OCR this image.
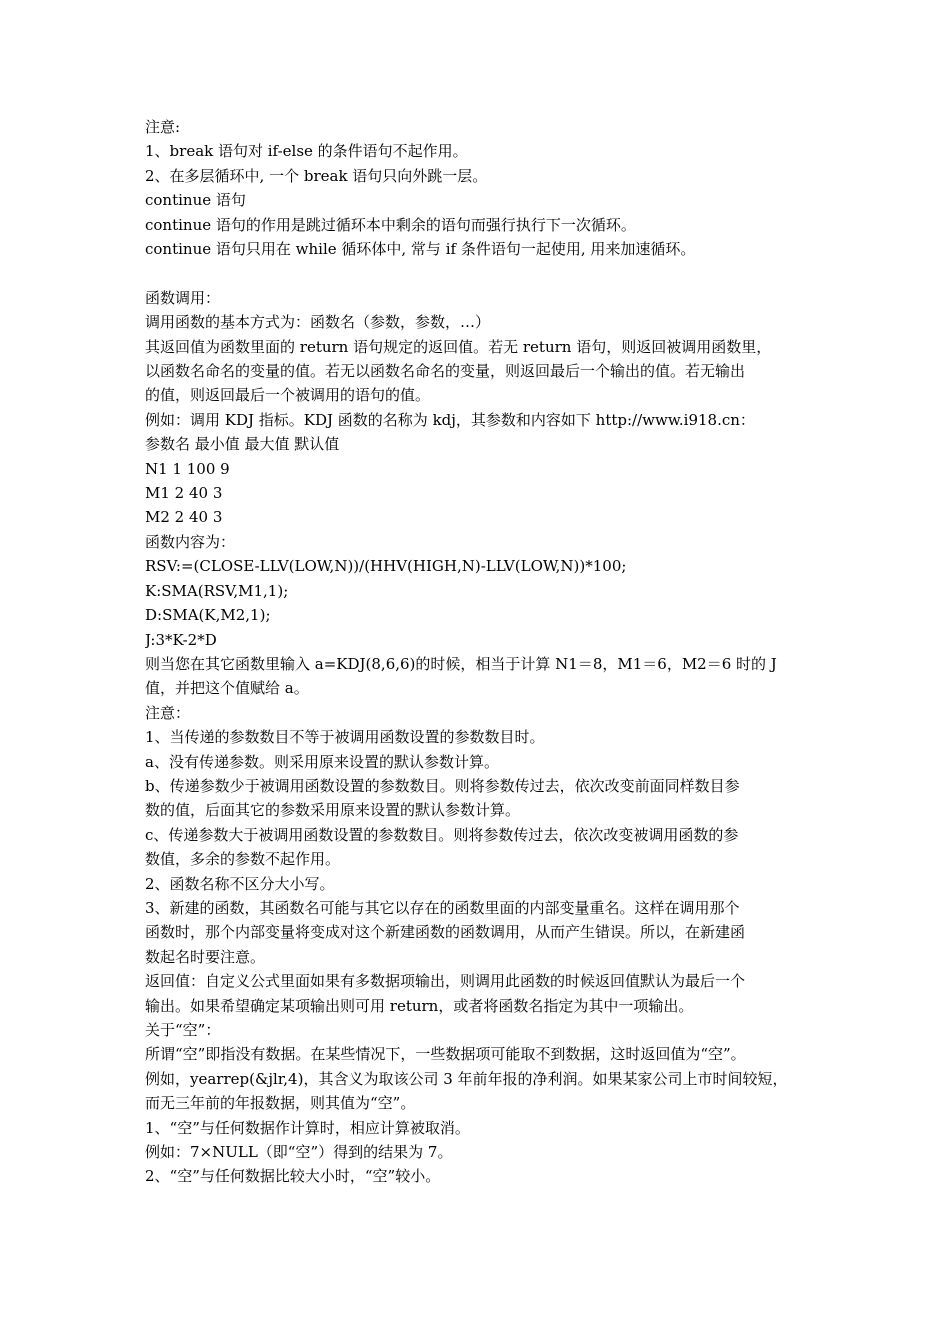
注意:
1、break 语句对 if-else 的条件语句不起作用。
2、在多层循环中, 一个 break 语句只向外跳一层。
continue 语句
continue 语句的作用是跳过循环本中剩余的语句而强行执行下一次循环。
continue 语句只用在 while 循环体中, 常与 if 条件语句一起使用, 用来加速循环。
函数调用：
调用函数的基本方式为：函数名（参数，参数，…）
其返回值为函数里面的 return 语句规定的返回值。若无 return 语句，则返回被调用函数里，
以函数名命名的变量的值。若无以函数名命名的变量，则返回最后一个输出的值。若无输出
的值，则返回最后一个被调用的语句的值。
例如：调用 KDJ 指标。KDJ 函数的名称为 kdj，其参数和内容如下 http://www.i918.cn：
参数名 最小值 最大值 默认值
N1 1 100 9
M1 2 40 3
M2 2 40 3
函数内容为：
RSV:=(CLOSE-LLV(LOW,N))/(HHV(HIGH,N)-LLV(LOW,N))*100;
K:SMA(RSV,M1,1);
D:SMA(K,M2,1);
J:3*K-2*D
则当您在其它函数里输入 a=KDJ(8,6,6)的时候，相当于计算 N1＝8，M1＝6，M2＝6 时的 J
值，并把这个值赋给 a。
注意：
1、当传递的参数数目不等于被调用函数设置的参数数目时。
a、没有传递参数。则采用原来设置的默认参数计算。
b、传递参数少于被调用函数设置的参数数目。则将参数传过去，依次改变前面同样数目参
数的值，后面其它的参数采用原来设置的默认参数计算。
c、传递参数大于被调用函数设置的参数数目。则将参数传过去，依次改变被调用函数的参
数值，多余的参数不起作用。
2、函数名称不区分大小写。
3、新建的函数，其函数名可能与其它以存在的函数里面的内部变量重名。这样在调用那个
函数时，那个内部变量将变成对这个新建函数的函数调用，从而产生错误。所以，在新建函
数起名时要注意。
返回值：自定义公式里面如果有多数据项输出，则调用此函数的时候返回值默认为最后一个
输出。如果希望确定某项输出则可用 return，或者将函数名指定为其中一项输出。
关于“空”：
所谓“空”即指没有数据。在某些情况下，一些数据项可能取不到数据，这时返回值为“空”。
例如，yearrep(&jlr,4)，其含义为取该公司 3 年前年报的净利润。如果某家公司上市时间较短，
而无三年前的年报数据，则其值为“空”。
1、“空”与任何数据作计算时，相应计算被取消。
例如：7×NULL（即“空”）得到的结果为 7。
2、“空”与任何数据比较大小时，“空”较小。
